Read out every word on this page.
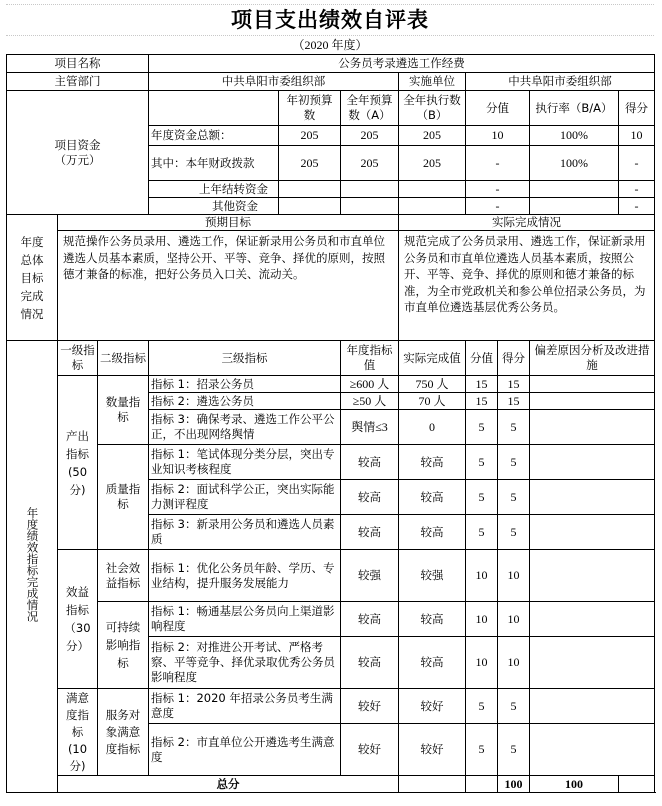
项目支出绩效自评表
（2020 年度）
项目名称			公务员考录遴选工作经费							
主管部门			中共阜阳市委组织部			实施单位	中共阜阳市委组织部			
项目资金
（万元）				年初预算数	全年预算数（A）	全年执行数（B）	分值		执行率（B/A）	得分
			年度资金总额：	205	205	205	10		100%	10
			其中：本年财政拨款	205	205	205	-		100%	-
			上年结转资金				-			-
			其他资金				-			-
年度总体目标完成情况	预期目标					实际完成情况				
	规范操作公务员录用、遴选工作，保证新录用公务员和市直单位遴选人员基本素质，坚持公开、平等、竞争、择优的原则，按照德才兼备的标准，把好公务员入口关、流动关。					规范完成了公务员录用、遴选工作，保证新录用公务员和市直单位遴选人员基本素质，按照公开、平等、竞争、择优的原则和德才兼备的标准，为全市党政机关和参公单位招录公务员，为市直单位遴选基层优秀公务员。				
年度绩效指标完成情况	一级指标	二级指标	三级指标		年度指标值	实际完成值	分值	得分	偏差原因分析及改进措施	
	产出指标(50分)	数量指标	指标 1：招录公务员		≥600 人	750 人	15	15		
			指标 2：遴选公务员		≥50 人	70 人	15	15		
			指标 3：确保考录、遴选工作公平公正，不出现网络舆情		舆情≤3	0	5	5		
		质量指标	指标 1：笔试体现分类分层，突出专业知识考核程度		较高	较高	5	5		
			指标 2：面试科学公正，突出实际能力测评程度		较高	较高	5	5		
			指标 3：新录用公务员和遴选人员素质		较高	较高	5	5		
	效益指标（30分）	社会效益指标	指标 1：优化公务员年龄、学历、专业结构，提升服务发展能力		较强	较强	10	10		
		可持续影响指标	指标 1：畅通基层公务员向上渠道影响程度		较高	较高	10	10		
			指标 2：对推进公开考试、严格考察、平等竞争、择优录取优秀公务员影响程度		较高	较高	10	10		
	满意度指标(10分)	服务对象满意度指标	指标 1：2020 年招录公务员考生满意度		较好	较好	5	5		
			指标 2：市直单位公开遴选考生满意度		较好	较好	5	5		
	总分							100	100	
